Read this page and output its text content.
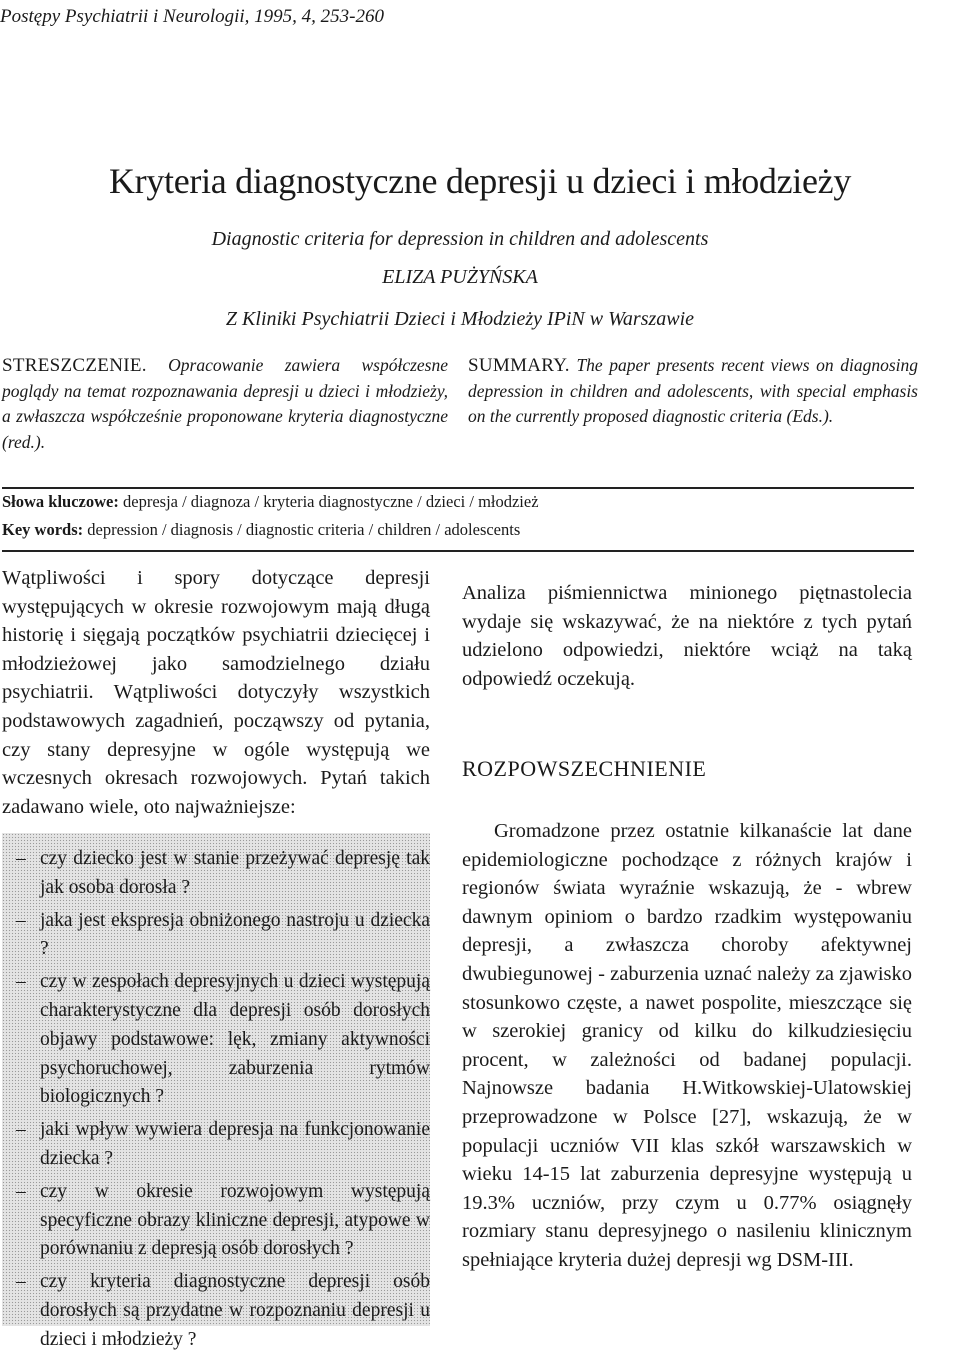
Postępy Psychiatrii i Neurologii, 1995, 4, 253-260
Kryteria diagnostyczne depresji u dzieci i młodzieży
Diagnostic criteria for depression in children and adolescents
ELIZA PUŻYŃSKA
Z Kliniki Psychiatrii Dzieci i Młodzieży IPiN w Warszawie
STRESZCZENIE. Opracowanie zawiera współczesne poglądy na temat rozpoznawania depresji u dzieci i młodzieży, a zwłaszcza współcześnie proponowane kryteria diagnostyczne (red.).
SUMMARY. The paper presents recent views on diagnosing depression in children and adolescents, with special emphasis on the currently proposed diagnostic criteria (Eds.).
Słowa kluczowe: depresja / diagnoza / kryteria diagnostyczne / dzieci / młodzież
Key words: depression / diagnosis / diagnostic criteria / children / adolescents
Wątpliwości i spory dotyczące depresji występujących w okresie rozwojowym mają długą historię i sięgają początków psychiatrii dziecięcej i młodzieżowej jako samodzielnego działu psychiatrii. Wątpliwości dotyczyły wszystkich podstawowych zagadnień, począwszy od pytania, czy stany depresyjne w ogóle występują we wczesnych okresach rozwojowych. Pytań takich zadawano wiele, oto najważniejsze:
– czy dziecko jest w stanie przeżywać depresję tak jak osoba dorosła ?
– jaka jest ekspresja obniżonego nastroju u dziecka ?
– czy w zespołach depresyjnych u dzieci występują charakterystyczne dla depresji osób dorosłych objawy podstawowe: lęk, zmiany aktywności psychoruchowej, zaburzenia rytmów biologicznych ?
– jaki wpływ wywiera depresja na funkcjonowanie dziecka ?
– czy w okresie rozwojowym występują specyficzne obrazy kliniczne depresji, atypowe w porównaniu z depresją osób dorosłych ?
– czy kryteria diagnostyczne depresji osób dorosłych są przydatne w rozpoznaniu depresji u dzieci i młodzieży ?
Analiza piśmiennictwa minionego piętnastolecia wydaje się wskazywać, że na niektóre z tych pytań udzielono odpowiedzi, niektóre wciąż na taką odpowiedź oczekują.
ROZPOWSZECHNIENIE
Gromadzone przez ostatnie kilkanaście lat dane epidemiologiczne pochodzące z różnych krajów i regionów świata wyraźnie wskazują, że - wbrew dawnym opiniom o bardzo rzadkim występowaniu depresji, a zwłaszcza choroby afektywnej dwubiegunowej - zaburzenia uznać należy za zjawisko stosunkowo częste, a nawet pospolite, mieszczące się w szerokiej granicy od kilku do kilkudziesięciu procent, w zależności od badanej populacji. Najnowsze badania H.Witkowskiej-Ulatowskiej przeprowadzone w Polsce [27], wskazują, że w populacji uczniów VII klas szkół warszawskich w wieku 14-15 lat zaburzenia depresyjne występują u 19.3% uczniów, przy czym u 0.77% osiągnęły rozmiary stanu depresyjnego o nasileniu klinicznym spełniające kryteria dużej depresji wg DSM-III.
